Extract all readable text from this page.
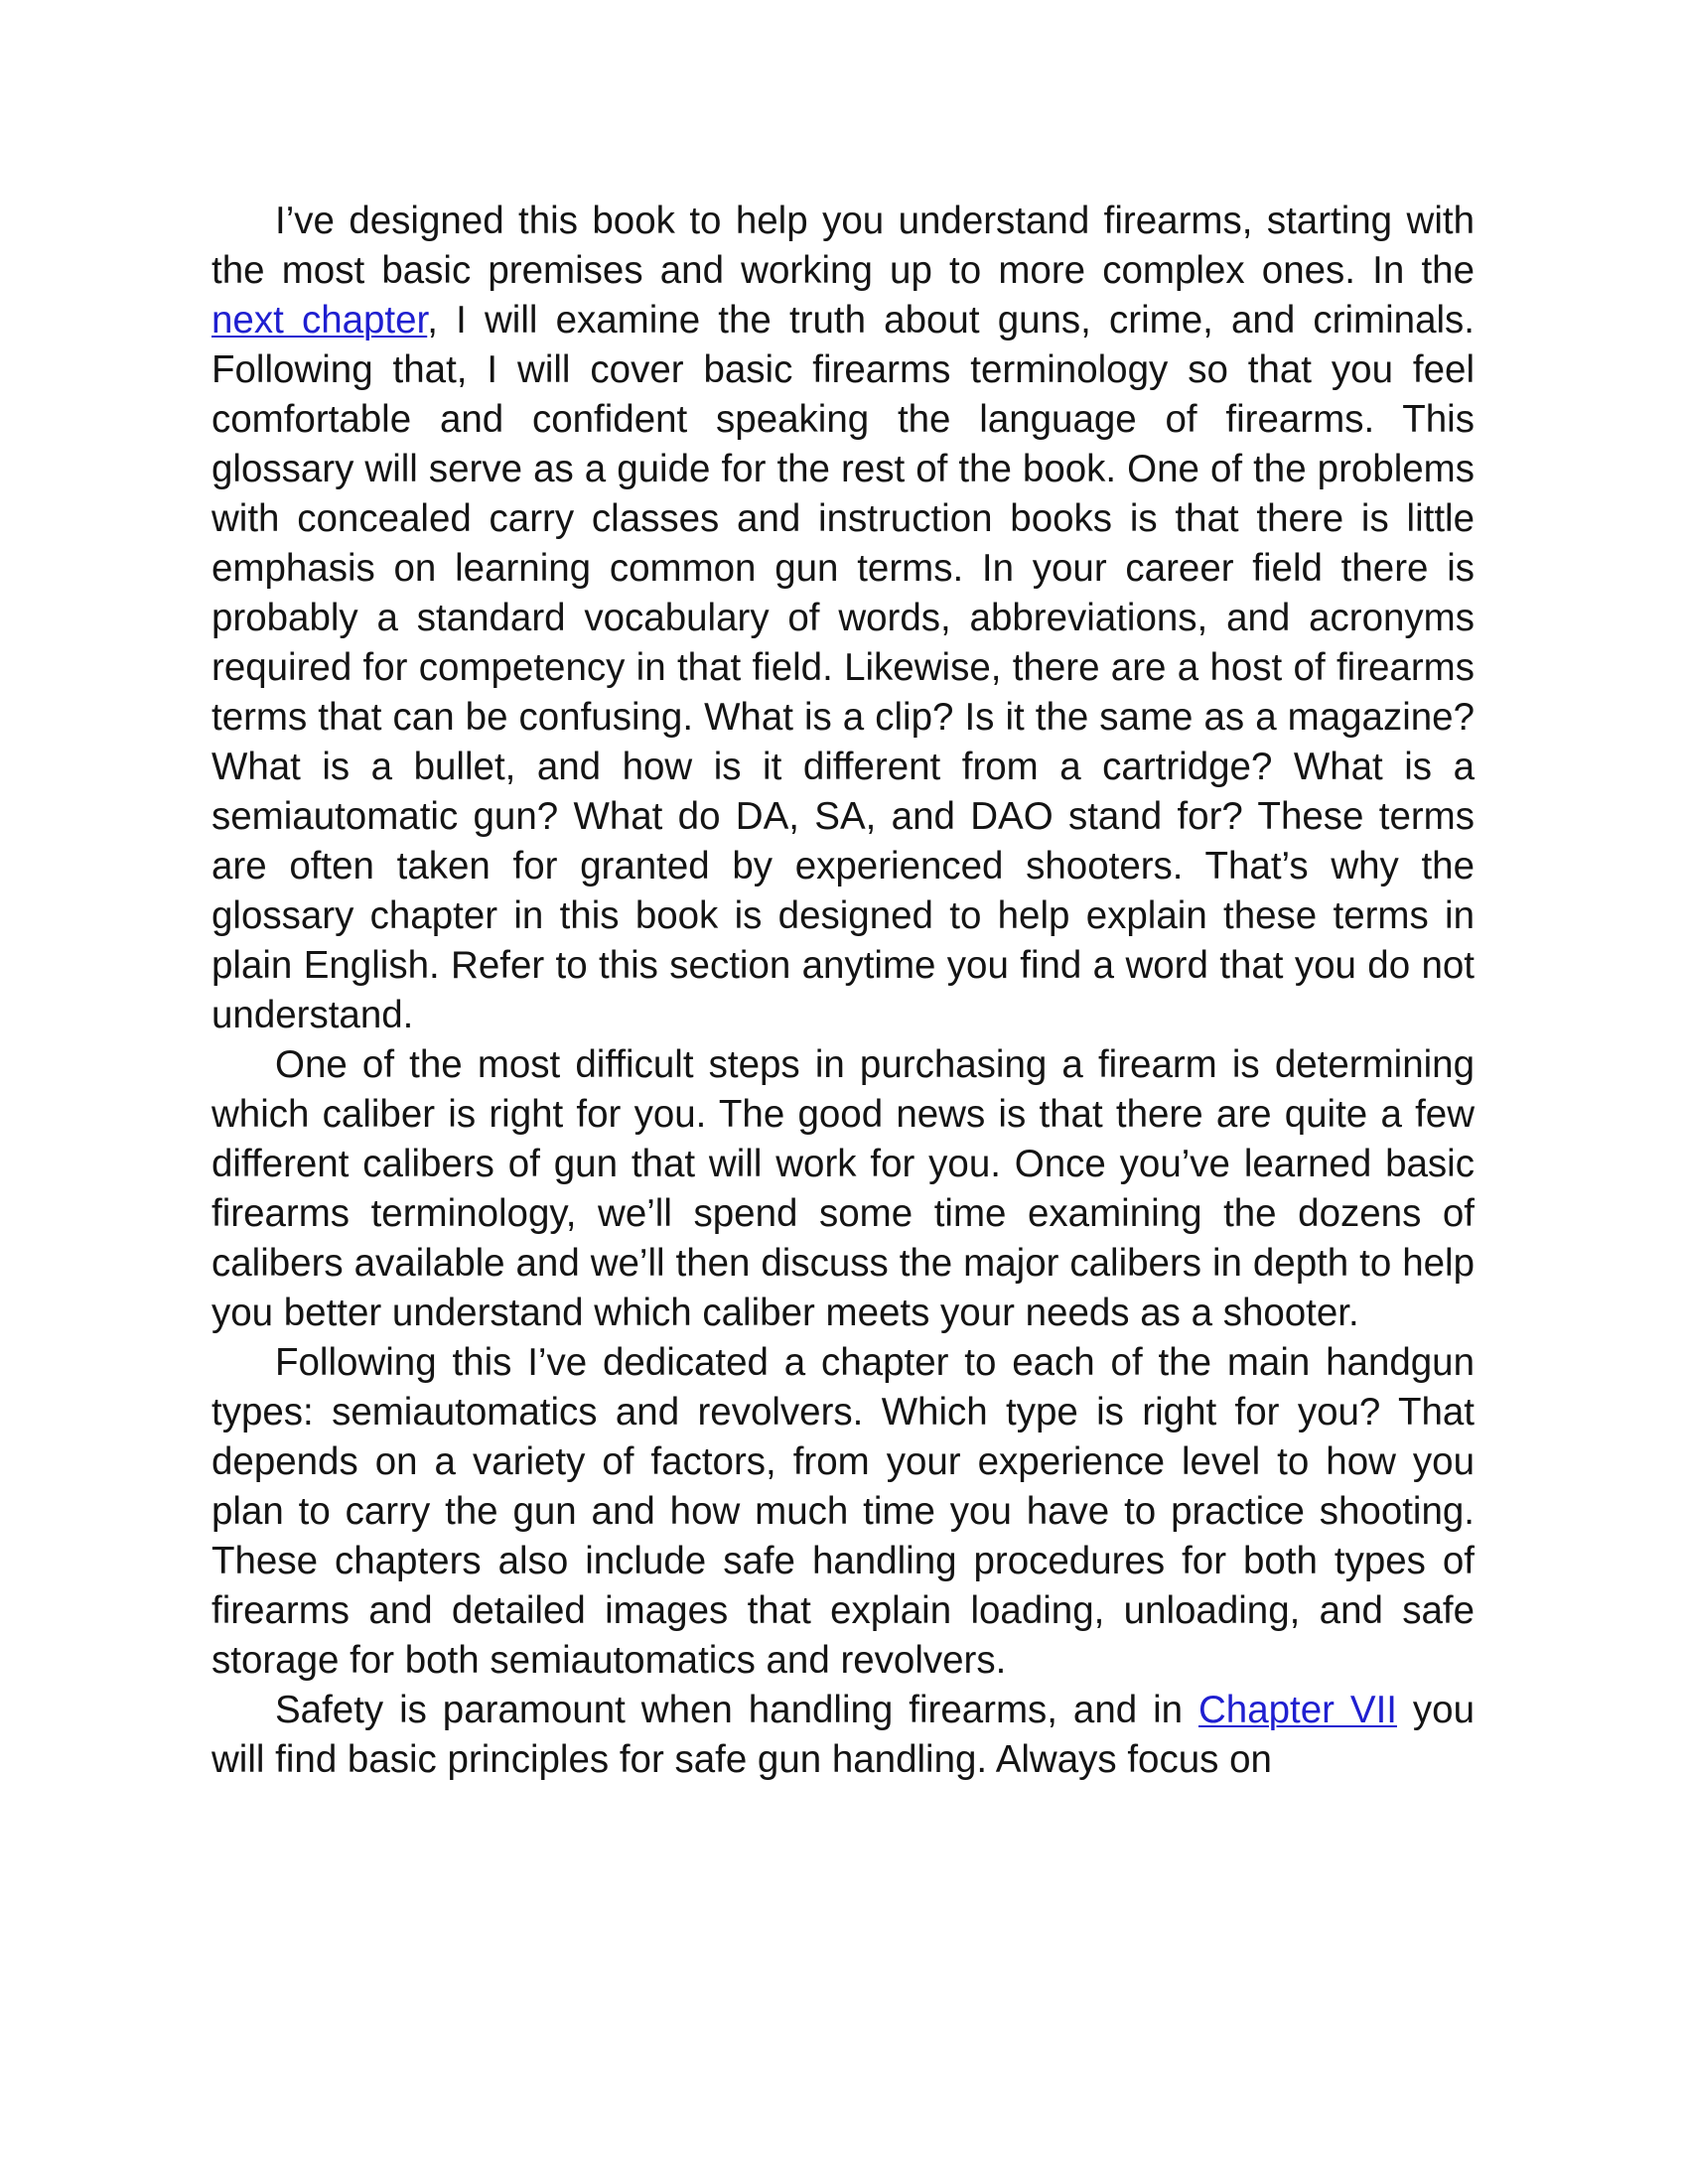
I’ve designed this book to help you understand firearms, starting with the most basic premises and working up to more complex ones. In the next chapter, I will examine the truth about guns, crime, and criminals. Following that, I will cover basic firearms terminology so that you feel comfortable and confident speaking the language of firearms. This glossary will serve as a guide for the rest of the book. One of the problems with concealed carry classes and instruction books is that there is little emphasis on learning common gun terms. In your career field there is probably a standard vocabulary of words, abbreviations, and acronyms required for competency in that field. Likewise, there are a host of firearms terms that can be confusing. What is a clip? Is it the same as a magazine? What is a bullet, and how is it different from a cartridge? What is a semiautomatic gun? What do DA, SA, and DAO stand for? These terms are often taken for granted by experienced shooters. That’s why the glossary chapter in this book is designed to help explain these terms in plain English. Refer to this section anytime you find a word that you do not understand.

One of the most difficult steps in purchasing a firearm is determining which caliber is right for you. The good news is that there are quite a few different calibers of gun that will work for you. Once you’ve learned basic firearms terminology, we’ll spend some time examining the dozens of calibers available and we’ll then discuss the major calibers in depth to help you better understand which caliber meets your needs as a shooter.

Following this I’ve dedicated a chapter to each of the main handgun types: semiautomatics and revolvers. Which type is right for you? That depends on a variety of factors, from your experience level to how you plan to carry the gun and how much time you have to practice shooting. These chapters also include safe handling procedures for both types of firearms and detailed images that explain loading, unloading, and safe storage for both semiautomatics and revolvers.

Safety is paramount when handling firearms, and in Chapter VII you will find basic principles for safe gun handling. Always focus on
